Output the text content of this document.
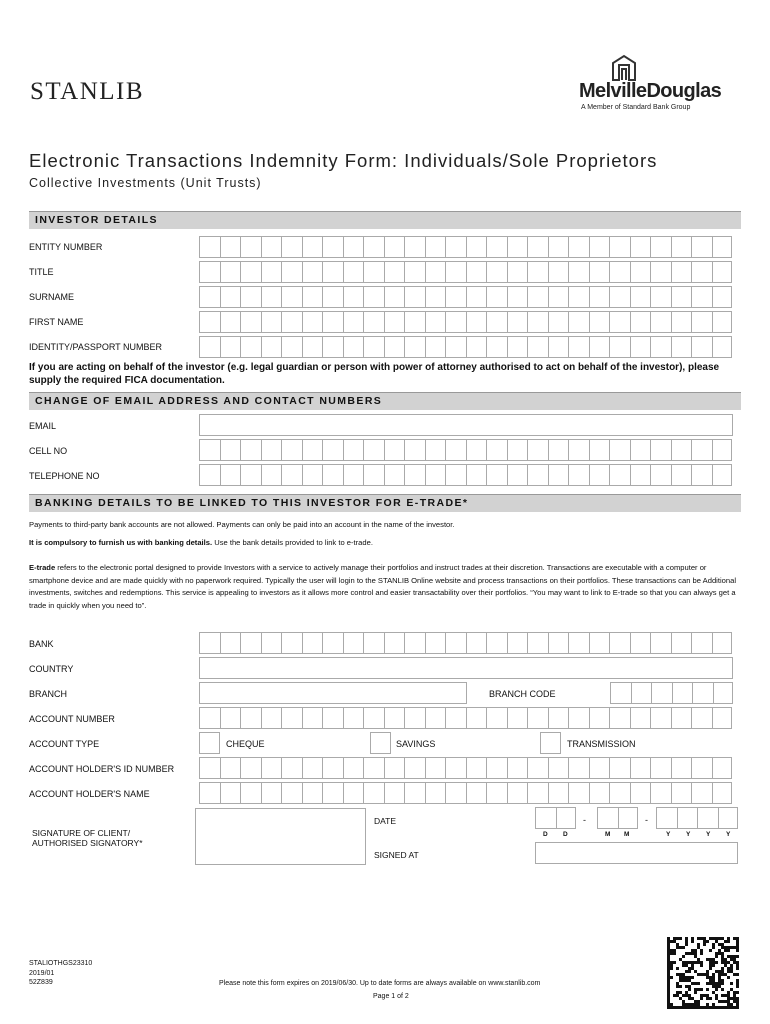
STANLIB	MelvilleDouglas
A Member of Standard Bank Group
Electronic Transactions Indemnity Form: Individuals/Sole Proprietors
Collective Investments (Unit Trusts)
INVESTOR DETAILS
ENTITY NUMBER
TITLE
SURNAME
FIRST NAME
IDENTITY/PASSPORT NUMBER
If you are acting on behalf of the investor (e.g. legal guardian or person with power of attorney authorised to act on behalf of the investor), please supply the required FICA documentation.
CHANGE OF EMAIL ADDRESS AND CONTACT NUMBERS
EMAIL
CELL NO
TELEPHONE NO
BANKING DETAILS TO BE LINKED TO THIS INVESTOR FOR E-TRADE*
Payments to third-party bank accounts are not allowed. Payments can only be paid into an account in the name of the investor.
It is compulsory to furnish us with banking details. Use the bank details provided to link to e-trade.
E-trade refers to the electronic portal designed to provide Investors with a service to actively manage their portfolios and instruct trades at their discretion. Transactions are executable with a computer or smartphone device and are made quickly with no paperwork required. Typically the user will login to the STANLIB Online website and process transactions on their portfolios. These transactions can be Additional investments, switches and redemptions. This service is appealing to investors as it allows more control and easier transactability over their portfolios. “You may want to link to E-trade so that you can always get a trade in quickly when you need to”.
BANK
COUNTRY
BRANCH	BRANCH CODE
ACCOUNT NUMBER
ACCOUNT TYPE	CHEQUE	SAVINGS	TRANSMISSION
ACCOUNT HOLDER'S ID NUMBER
ACCOUNT HOLDER'S NAME
SIGNATURE OF CLIENT/
AUTHORISED SIGNATORY*
DATE	-	-
D D	M M	Y Y Y Y
SIGNED AT
STALIOTHGS23310
2019/01
52Z839	Please note this form expires on 2019/06/30. Up to date forms are always available on www.stanlib.com
Page 1 of 2
